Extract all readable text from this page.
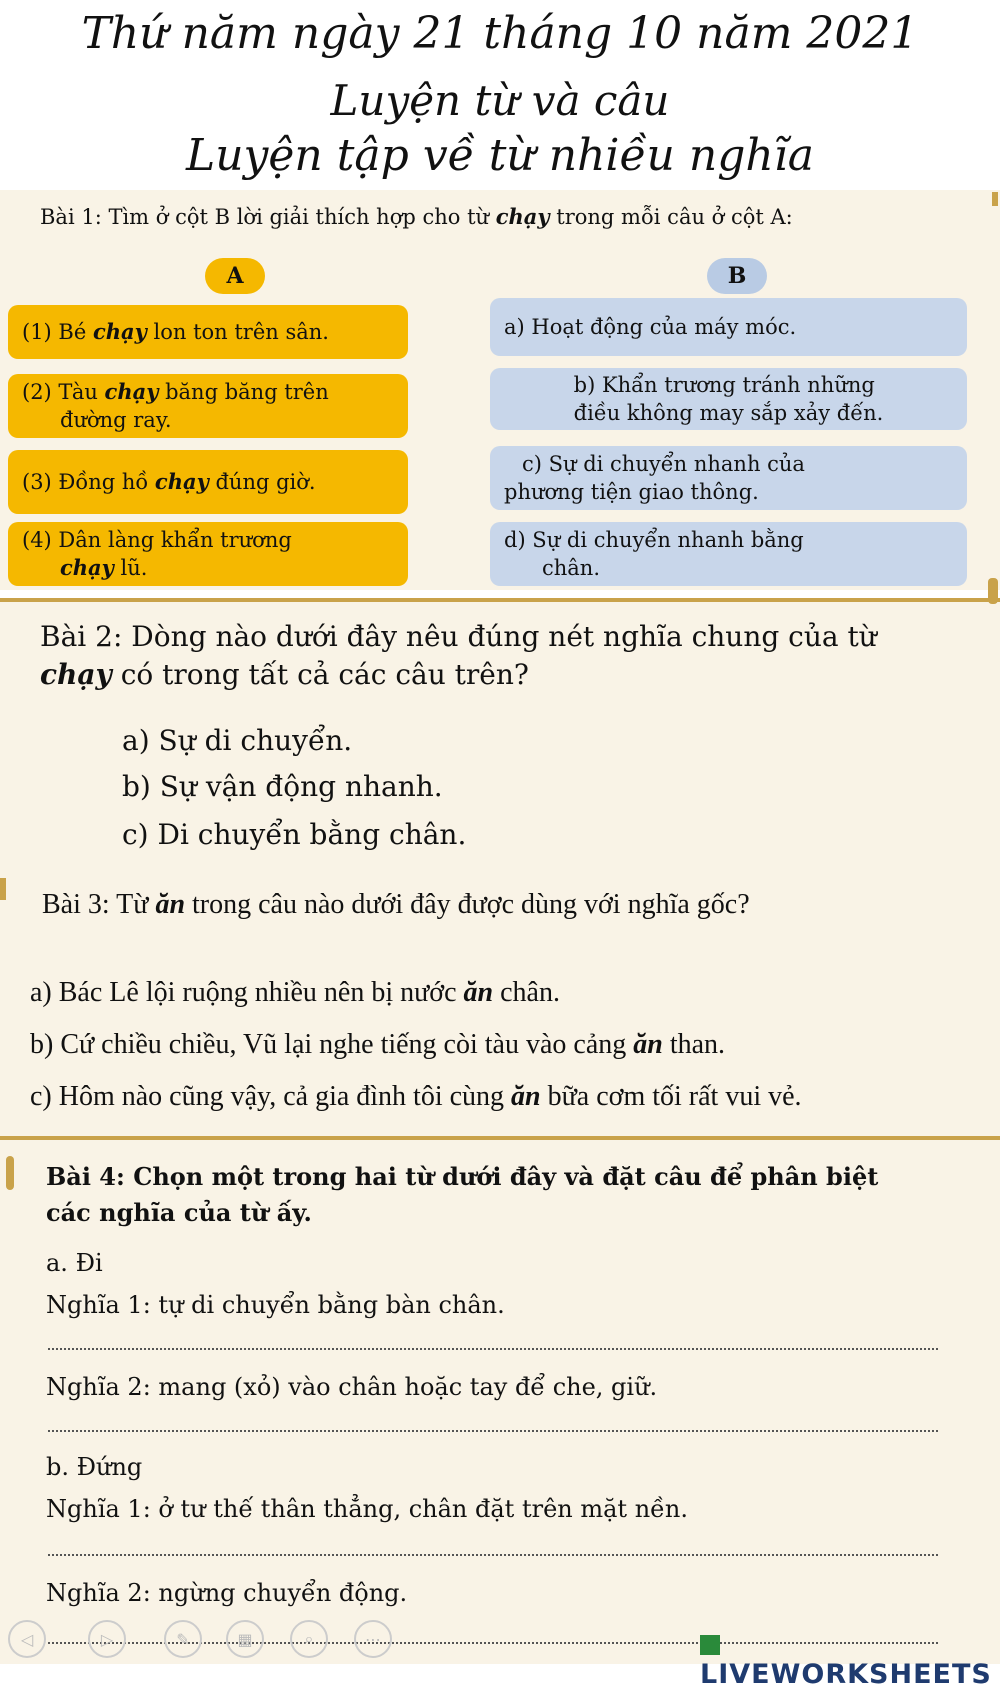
Thứ năm ngày 21 tháng 10 năm 2021
Luyện từ và câu
Luyện tập về từ nhiều nghĩa
Bài 1: Tìm ở cột B lời giải thích hợp cho từ chạy trong mỗi câu ở cột A:
A	B
(1) Bé chạy lon ton trên sân.
(2) Tàu chạy băng băng trên
đường ray.
(3) Đồng hồ chạy đúng giờ.
(4) Dân làng khẩn trương
chạy lũ.
a) Hoạt động của máy móc.
b) Khẩn trương tránh những
điều không may sắp xảy đến.
c) Sự di chuyển nhanh của
phương tiện giao thông.
d) Sự di chuyển nhanh bằng
chân.
Bài 2: Dòng nào dưới đây nêu đúng nét nghĩa chung của từ
chạy có trong tất cả các câu trên?
a) Sự di chuyển.
b) Sự vận động nhanh.
c) Di chuyển bằng chân.
Bài 3: Từ ăn trong câu nào dưới đây được dùng với nghĩa gốc?
a) Bác Lê lội ruộng nhiều nên bị nước ăn chân.
b) Cứ chiều chiều, Vũ lại nghe tiếng còi tàu vào cảng ăn than.
c) Hôm nào cũng vậy, cả gia đình tôi cùng ăn bữa cơm tối rất vui vẻ.
Bài 4: Chọn một trong hai từ dưới đây và đặt câu để phân biệt
các nghĩa của từ ấy.
a. Đi
Nghĩa 1: tự di chuyển bằng bàn chân.
Nghĩa 2: mang (xỏ) vào chân hoặc tay để che, giữ.
b. Đứng
Nghĩa 1: ở tư thế thân thẳng, chân đặt trên mặt nền.
Nghĩa 2: ngừng chuyển động.
◁	▷	✎	▦	⌕	⋯
LIVEWORKSHEETS
